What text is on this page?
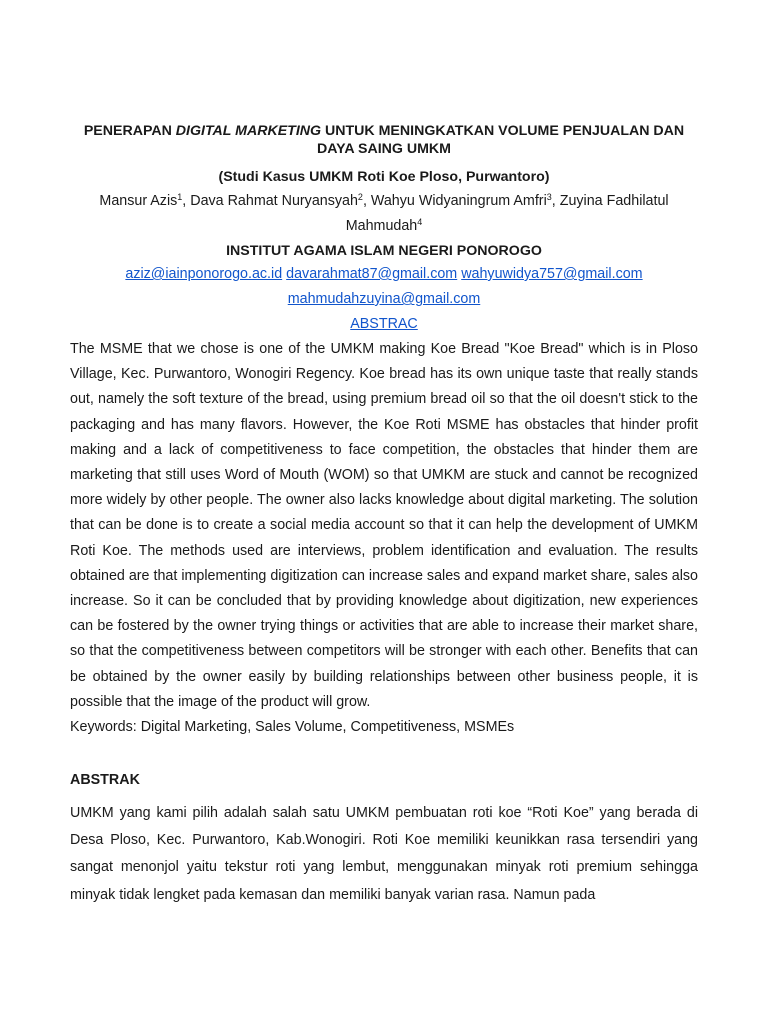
PENERAPAN DIGITAL MARKETING UNTUK MENINGKATKAN VOLUME PENJUALAN DAN DAYA SAING UMKM

(Studi Kasus UMKM Roti Koe Ploso, Purwantoro)

Mansur Azis$^1$, Dava Rahmat Nuryansyah$^2$, Wahyu Widyaningrum Amfri$^3$, Zuyina Fadhilatul Mahmudah$^4$

INSTITUT AGAMA ISLAM NEGERI PONOROGO

aziz@iainponorogo.ac.id davarahmat87@gmail.com wahyuwidya757@gmail.com
mahmudahzuyina@gmail.com

ABSTRAC

The MSME that we chose is one of the UMKM making Koe Bread "Koe Bread" which is in Ploso Village, Kec. Purwantoro, Wonogiri Regency. Koe bread has its own unique taste that really stands out, namely the soft texture of the bread, using premium bread oil so that the oil doesn't stick to the packaging and has many flavors. However, the Koe Roti MSME has obstacles that hinder profit making and a lack of competitiveness to face competition, the obstacles that hinder them are marketing that still uses Word of Mouth (WOM) so that UMKM are stuck and cannot be recognized more widely by other people. The owner also lacks knowledge about digital marketing. The solution that can be done is to create a social media account so that it can help the development of UMKM Roti Koe. The methods used are interviews, problem identification and evaluation. The results obtained are that implementing digitization can increase sales and expand market share, sales also increase. So it can be concluded that by providing knowledge about digitization, new experiences can be fostered by the owner trying things or activities that are able to increase their market share, so that the competitiveness between competitors will be stronger with each other. Benefits that can be obtained by the owner easily by building relationships between other business people, it is possible that the image of the product will grow.

Keywords: Digital Marketing, Sales Volume, Competitiveness, MSMEs

ABSTRAK

UMKM yang kami pilih adalah salah satu UMKM pembuatan roti koe “Roti Koe” yang berada di Desa Ploso, Kec. Purwantoro, Kab.Wonogiri. Roti Koe memiliki keunikkan rasa tersendiri yang sangat menonjol yaitu tekstur roti yang lembut, menggunakan minyak roti premium sehingga minyak tidak lengket pada kemasan dan memiliki banyak varian rasa. Namun pada
